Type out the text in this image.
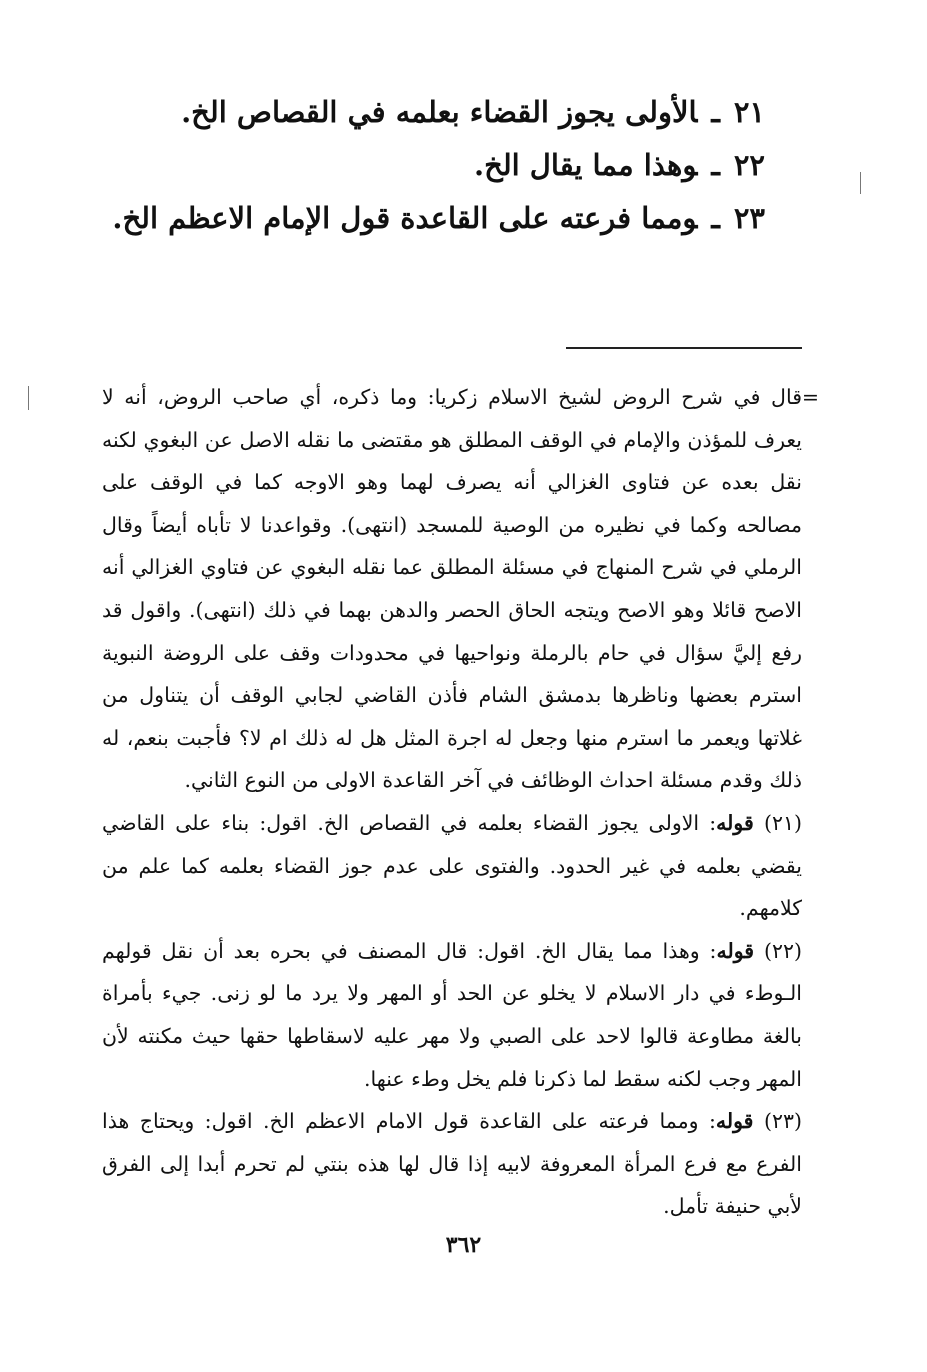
٢١ـالأولى يجوز القضاء بعلمه في القصاص الخ.
٢٢ـوهذا مما يقال الخ.
٢٣ـومما فرعته على القاعدة قول الإمام الاعظم الخ.
=

قال في شرح الروض لشيخ الاسلام زكريا: وما ذكره، أي صاحب الروض، أنه لا يعرف للمؤذن والإمام في الوقف المطلق هو مقتضى ما نقله الاصل عن البغوي لكنه نقل بعده عن فتاوى الغزالي أنه يصرف لهما وهو الاوجه كما في الوقف على مصالحه وكما في نظيره من الوصية للمسجد (انتهى). وقواعدنا لا تأباه أيضاً وقال الرملي في شرح المنهاج في مسئلة المطلق عما نقله البغوي عن فتاوي الغزالي أنه الاصح قائلا وهو الاصح ويتجه الحاق الحصر والدهن بهما في ذلك (انتهى). واقول قد رفع إليَّ سؤال في حام بالرملة ونواحيها في محدودات وقف على الروضة النبوية استرم بعضها وناظرها بدمشق الشام فأذن القاضي لجابي الوقف أن يتناول من غلاتها ويعمر ما استرم منها وجعل له اجرة المثل هل له ذلك ام لا؟ فأجبت بنعم، له ذلك وقدم مسئلة احداث الوظائف في آخر القاعدة الاولى من النوع الثاني.

(٢١) قوله: الاولى يجوز القضاء بعلمه في القصاص الخ. اقول: بناء على القاضي يقضي بعلمه في غير الحدود. والفتوى على عدم جوز القضاء بعلمه كما علم من كلامهم.

(٢٢) قوله: وهذا مما يقال الخ. اقول: قال المصنف في بحره بعد أن نقل قولهم الـوطء في دار الاسلام لا يخلو عن الحد أو المهر ولا يرد ما لو زنى. جيء بأمراة بالغة مطاوعة قالوا لاحد على الصبي ولا مهر عليه لاسقاطها حقها حيث مكنته لأن المهر وجب لكنه سقط لما ذكرنا فلم يخل وطء عنها.

(٢٣) قوله: ومما فرعته على القاعدة قول الامام الاعظم الخ. اقول: ويحتاج هذا الفرع مع فرع المرأة المعروفة لابيه إذا قال لها هذه بنتي لم تحرم أبدا إلى الفرق لأبي حنيفة تأمل.

٣٦٢
